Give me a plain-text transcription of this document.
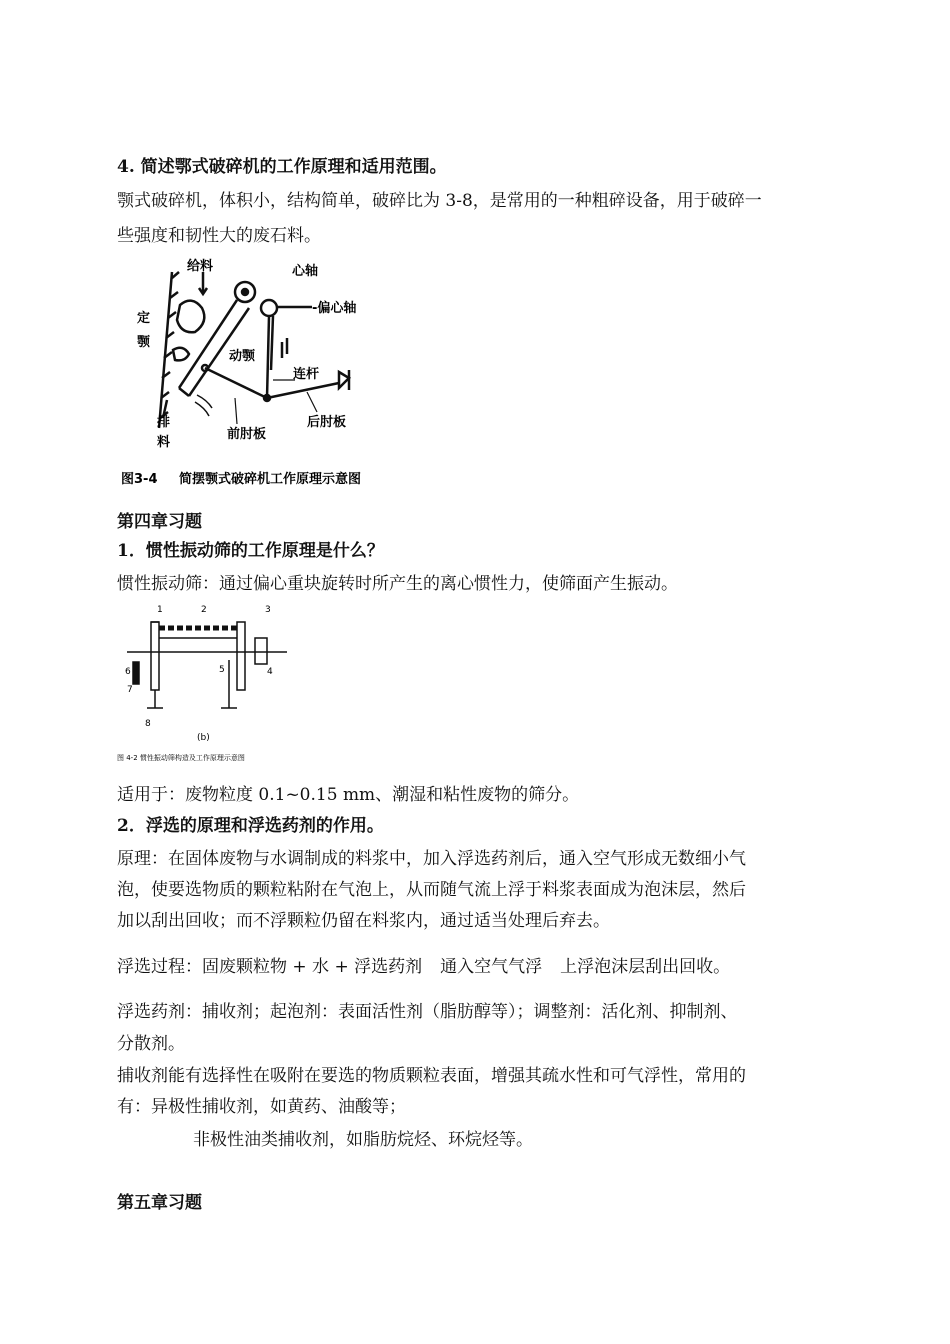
4. 简述鄂式破碎机的工作原理和适用范围。
颚式破碎机，体积小，结构简单，破碎比为 3-8，是常用的一种粗碎设备，用于破碎一
些强度和韧性大的废石料。
给料	心轴
-偏心轴
定
颚
动颚
连杆
排
料
前肘板
后肘板
图3-4 简摆颚式破碎机工作原理示意图
第四章习题
1．惯性振动筛的工作原理是什么？
惯性振动筛：通过偏心重块旋转时所产生的离心惯性力，使筛面产生振动。
1	2	3
4
5
6
7
8
(b)
图 4-2 惯性振动筛构造及工作原理示意图
适用于：废物粒度 0.1~0.15 mm、潮湿和粘性废物的筛分。
2．浮选的原理和浮选药剂的作用。
原理：在固体废物与水调制成的料浆中，加入浮选药剂后，通入空气形成无数细小气
泡，使要选物质的颗粒粘附在气泡上，从而随气流上浮于料浆表面成为泡沫层，然后
加以刮出回收；而不浮颗粒仍留在料浆内，通过适当处理后弃去。
浮选过程：固废颗粒物 + 水 + 浮选药剂 通入空气气浮 上浮泡沫层刮出回收。
浮选药剂：捕收剂；起泡剂：表面活性剂（脂肪醇等）；调整剂：活化剂、抑制剂、
分散剂。
捕收剂能有选择性在吸附在要选的物质颗粒表面，增强其疏水性和可气浮性，常用的
有：异极性捕收剂，如黄药、油酸等；
非极性油类捕收剂，如脂肪烷烃、环烷烃等。
第五章习题
